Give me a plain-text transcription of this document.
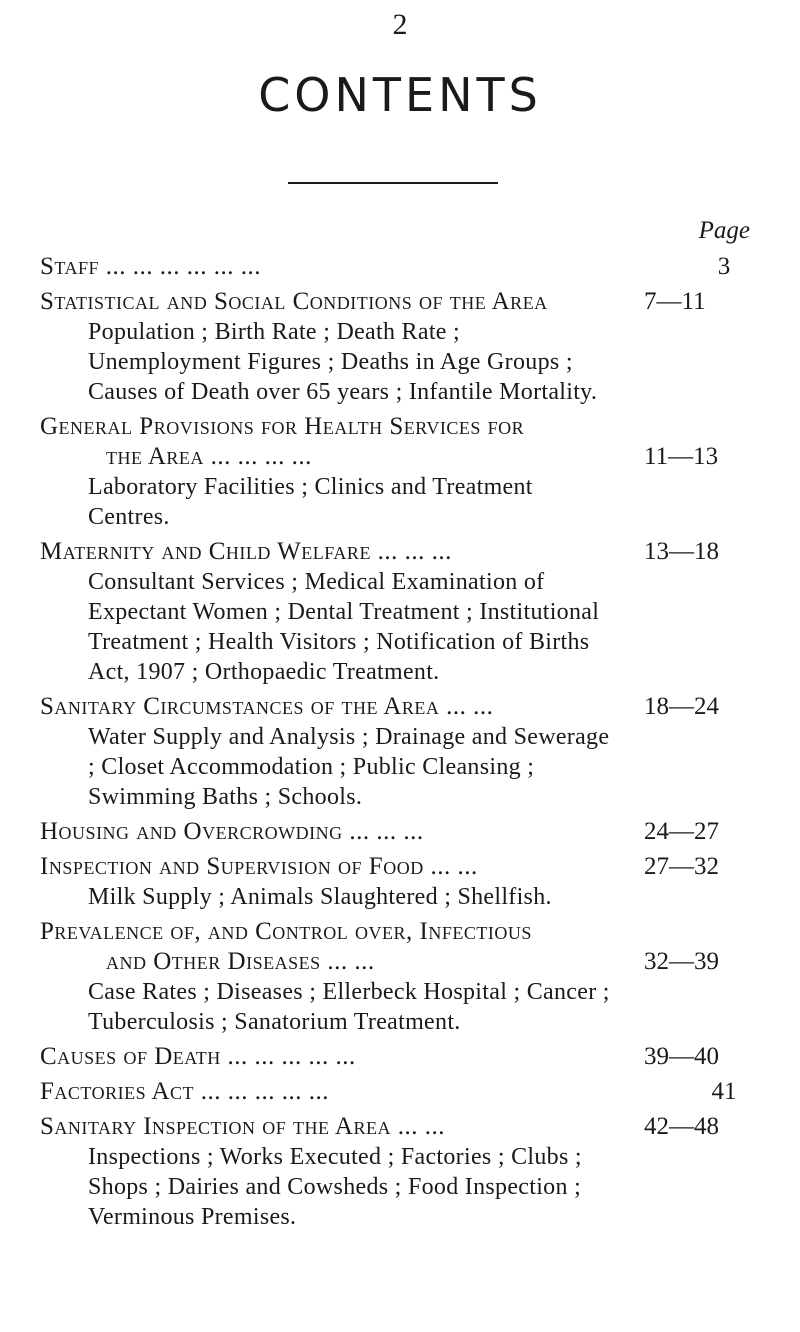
2
CONTENTS
Page
Staff ... ... ... ... ... ...	3
Statistical and Social Conditions of the Area	7—11
Population ; Birth Rate ; Death Rate ; Unemployment Figures ; Deaths in Age Groups ; Causes of Death over 65 years ; Infantile Mortality.
General Provisions for Health Services for
the Area ... ... ... ...	11—13
Laboratory Facilities ; Clinics and Treatment Centres.
Maternity and Child Welfare ... ... ...	13—18
Consultant Services ; Medical Examination of Expectant Women ; Dental Treatment ; Institutional Treatment ; Health Visitors ; Notification of Births Act, 1907 ; Orthopaedic Treatment.
Sanitary Circumstances of the Area ... ...	18—24
Water Supply and Analysis ; Drainage and Sewerage ; Closet Accommodation ; Public Cleansing ; Swimming Baths ; Schools.
Housing and Overcrowding ... ... ...	24—27
Inspection and Supervision of Food ... ...	27—32
Milk Supply ; Animals Slaughtered ; Shellfish.
Prevalence of, and Control over, Infectious
and Other Diseases ... ...	32—39
Case Rates ; Diseases ; Ellerbeck Hospital ; Cancer ; Tuberculosis ; Sanatorium Treatment.
Causes of Death ... ... ... ... ...	39—40
Factories Act ... ... ... ... ...	41
Sanitary Inspection of the Area ... ...	42—48
Inspections ; Works Executed ; Factories ; Clubs ; Shops ; Dairies and Cowsheds ; Food Inspection ; Verminous Premises.
